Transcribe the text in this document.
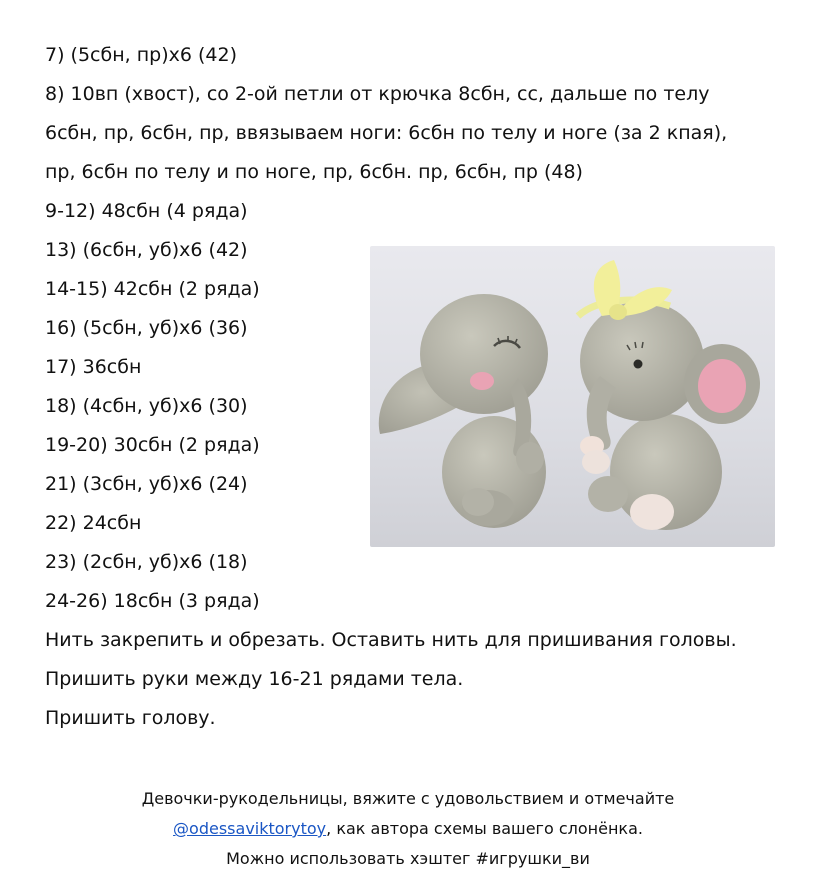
7) (5сбн, пр)х6 (42)
8) 10вп (хвост), со 2-ой петли от крючка 8сбн, сс, дальше по телу
6сбн, пр, 6сбн, пр, ввязываем ноги: 6сбн по телу и ноге (за 2 кпая),
пр, 6сбн по телу и по ноге, пр, 6сбн. пр, 6сбн, пр (48)
9-12) 48сбн (4 ряда)
13) (6сбн, уб)х6 (42)
14-15) 42сбн (2 ряда)
16) (5сбн, уб)х6 (36)
17) 36сбн
18) (4сбн, уб)х6 (30)
19-20) 30сбн (2 ряда)
21) (3сбн, уб)х6 (24)
22) 24сбн
23) (2сбн, уб)х6 (18)
24-26) 18сбн (3 ряда)
Нить закрепить и обрезать. Оставить нить для пришивания головы.
Пришить руки между 16-21 рядами тела.
Пришить голову.

Девочки-рукодельницы, вяжите с удовольствием и отмечайте

@odessaviktorytoy, как автора схемы вашего слонёнка.

Можно использовать хэштег #игрушки_ви
